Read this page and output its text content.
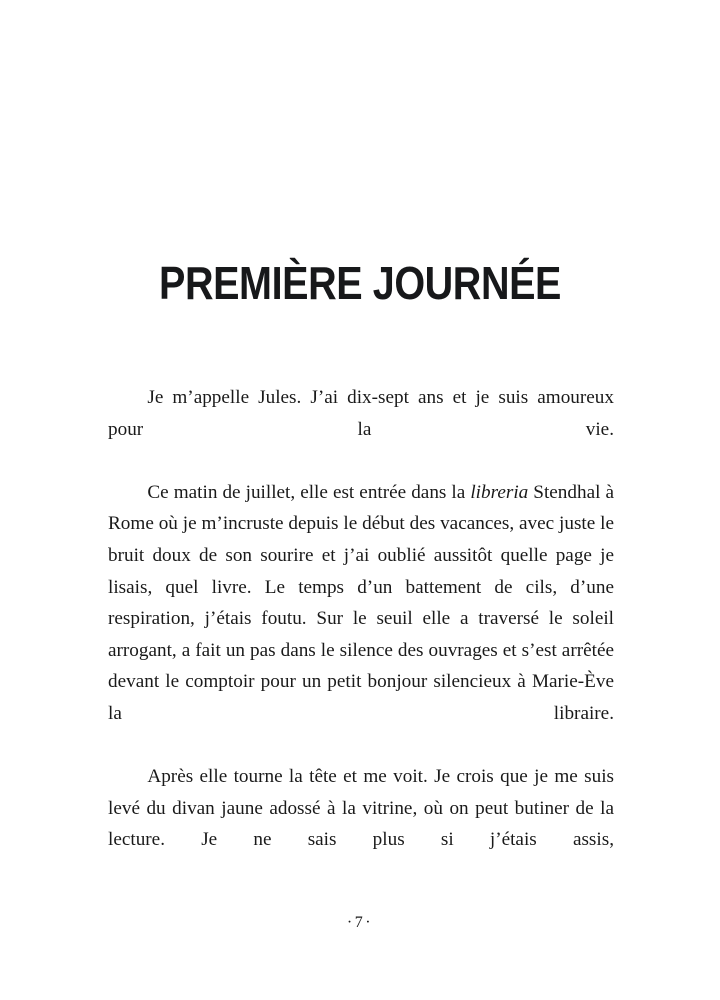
PREMIÈRE JOURNÉE

Je m’appelle Jules. J’ai dix-sept ans et je suis amoureux pour la vie.

Ce matin de juillet, elle est entrée dans la libreria Stendhal à Rome où je m’incruste depuis le début des vacances, avec juste le bruit doux de son sourire et j’ai oublié aussitôt quelle page je lisais, quel livre. Le temps d’un battement de cils, d’une respiration, j’étais foutu. Sur le seuil elle a traversé le soleil arrogant, a fait un pas dans le silence des ouvrages et s’est arrêtée devant le comptoir pour un petit bonjour silencieux à Marie-Ève la libraire.

Après elle tourne la tête et me voit. Je crois que je me suis levé du divan jaune adossé à la vitrine, où on peut butiner de la lecture. Je ne sais plus si j’étais assis,

·7·
